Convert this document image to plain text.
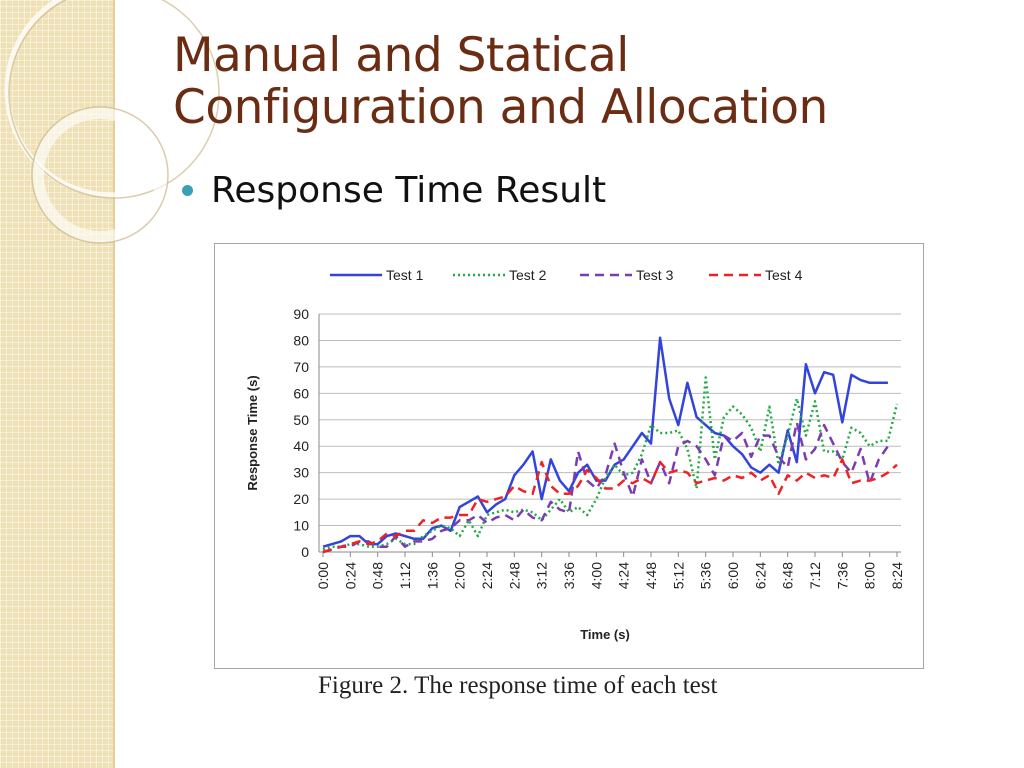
Manual and Statical
Configuration and Allocation
Response Time Result
0
10
20
30
40
50
60
70
80
90
0:00 0:24 0:48 1:12 1:36 2:00 2:24 2:48 3:12 3:36 4:00 4:24 4:48 5:12 5:36 6:00 6:24 6:48 7:12 7:36 8:00 8:24
Response Time (s)
Time (s)
Test 1	Test 2	Test 3	Test 4
Figure 2. The response time of each test
